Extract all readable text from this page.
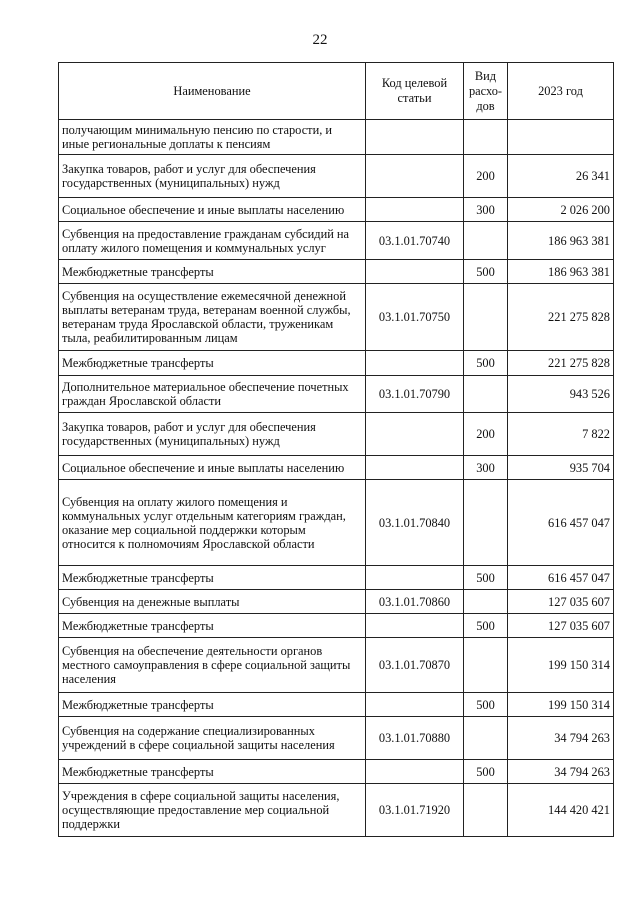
22
Наименование	Код целевой статьи	Вид расхо-дов	2023 год
получающим минимальную пенсию по старости, и иные региональные доплаты к пенсиям			
Закупка товаров, работ и услуг для обеспечения государственных (муниципальных) нужд		200	26 341
Социальное обеспечение и иные выплаты населению		300	2 026 200
Субвенция на предоставление гражданам субсидий на оплату жилого помещения и коммунальных услуг	03.1.01.70740		186 963 381
Межбюджетные трансферты		500	186 963 381
Субвенция на осуществление ежемесячной денежной выплаты ветеранам труда, ветеранам военной службы, ветеранам труда Ярославской области, труженикам тыла, реабилитированным лицам	03.1.01.70750		221 275 828
Межбюджетные трансферты		500	221 275 828
Дополнительное материальное обеспечение почетных граждан Ярославской области	03.1.01.70790		943 526
Закупка товаров, работ и услуг для обеспечения государственных (муниципальных) нужд		200	7 822
Социальное обеспечение и иные выплаты населению		300	935 704
Субвенция на оплату жилого помещения и коммунальных услуг отдельным категориям граждан, оказание мер социальной поддержки которым относится к полномочиям Ярославской области	03.1.01.70840		616 457 047
Межбюджетные трансферты		500	616 457 047
Субвенция на денежные выплаты	03.1.01.70860		127 035 607
Межбюджетные трансферты		500	127 035 607
Субвенция на обеспечение деятельности органов местного самоуправления в сфере социальной защиты населения	03.1.01.70870		199 150 314
Межбюджетные трансферты		500	199 150 314
Субвенция на содержание специализированных учреждений в сфере социальной защиты населения	03.1.01.70880		34 794 263
Межбюджетные трансферты		500	34 794 263
Учреждения в сфере социальной защиты населения, осуществляющие предоставление мер социальной поддержки	03.1.01.71920		144 420 421
